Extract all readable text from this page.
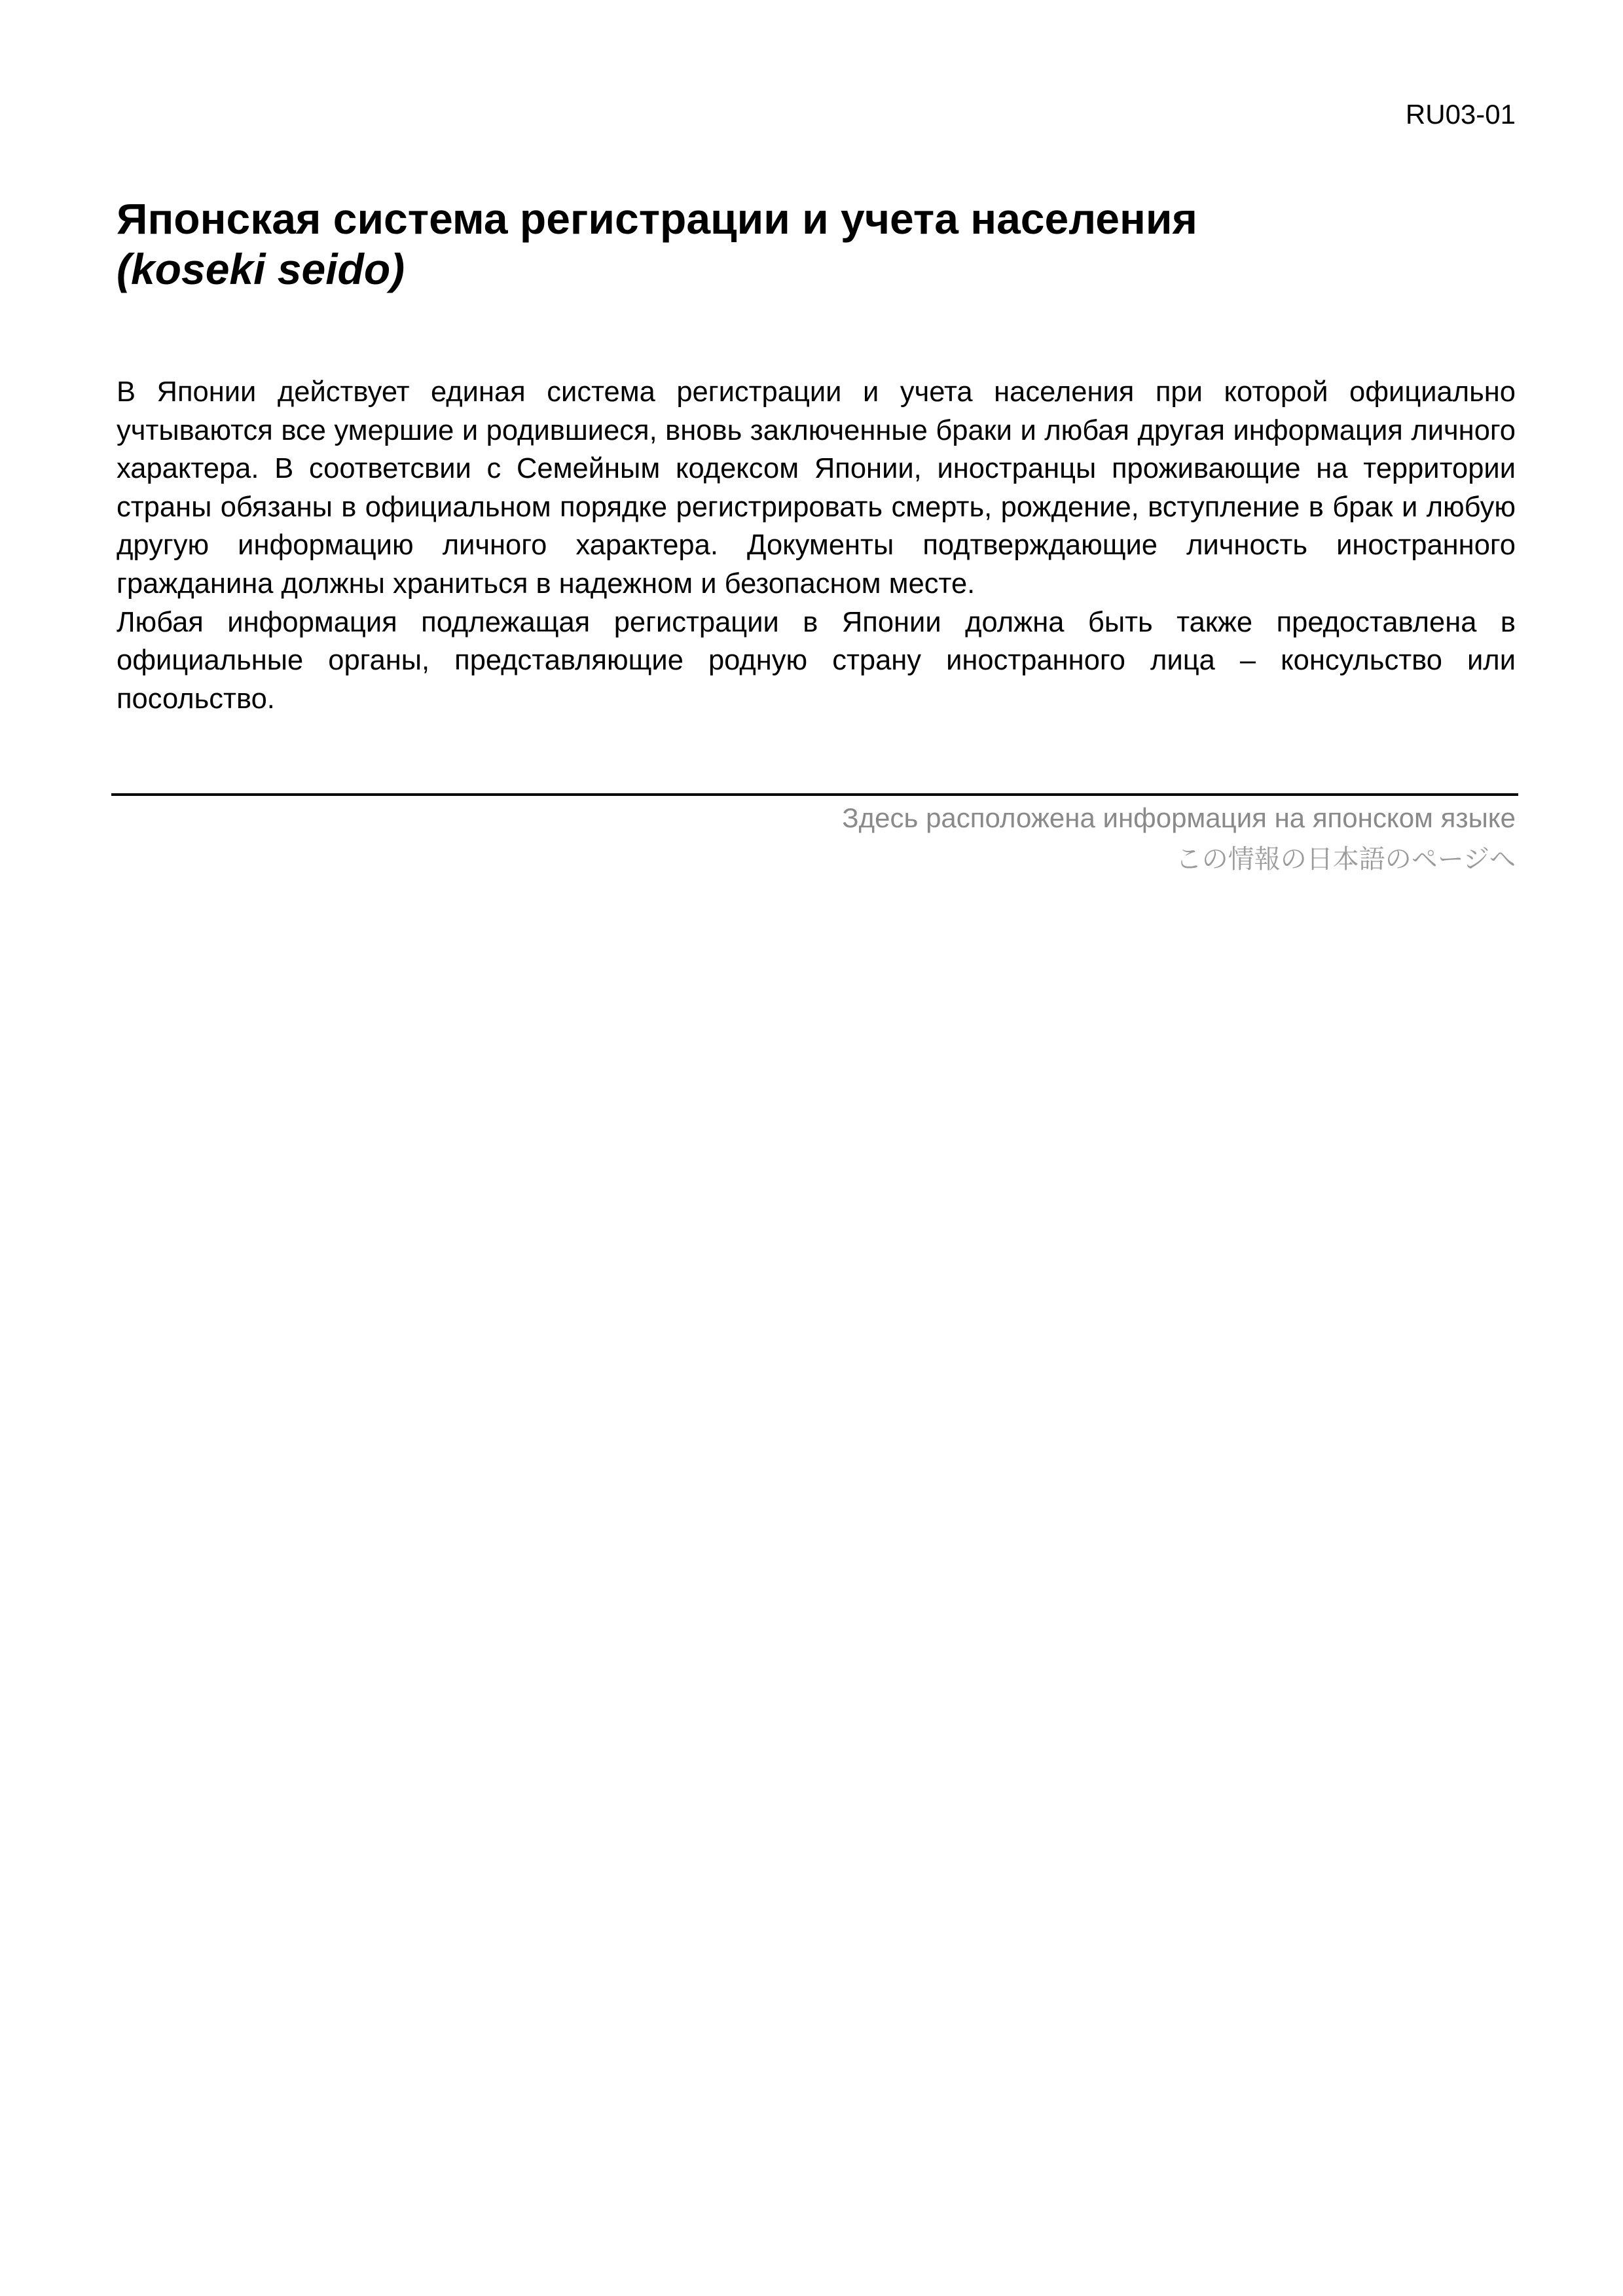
RU03-01
Японская система регистрации и учета населения
(koseki seido)

В Японии действует единая система регистрации и учета населения при которой официально учтываются все умершие и родившиеся, вновь заключенные браки и любая другая информация личного характера. В соответсвии с Семейным кодексом Японии, иностранцы проживающие на территории страны обязаны в официальном порядке регистрировать смерть, рождение, вступление в брак и любую другую информацию личного характера. Документы подтверждающие личность иностранного гражданина должны храниться в надежном и безопасном месте.

Любая информация подлежащая регистрации в Японии должна быть также предоставлена в официальные органы, представляющие родную страну иностранного лица – консульство или посольство.

Здесь расположена информация на японском языке
この情報の日本語のページへ
